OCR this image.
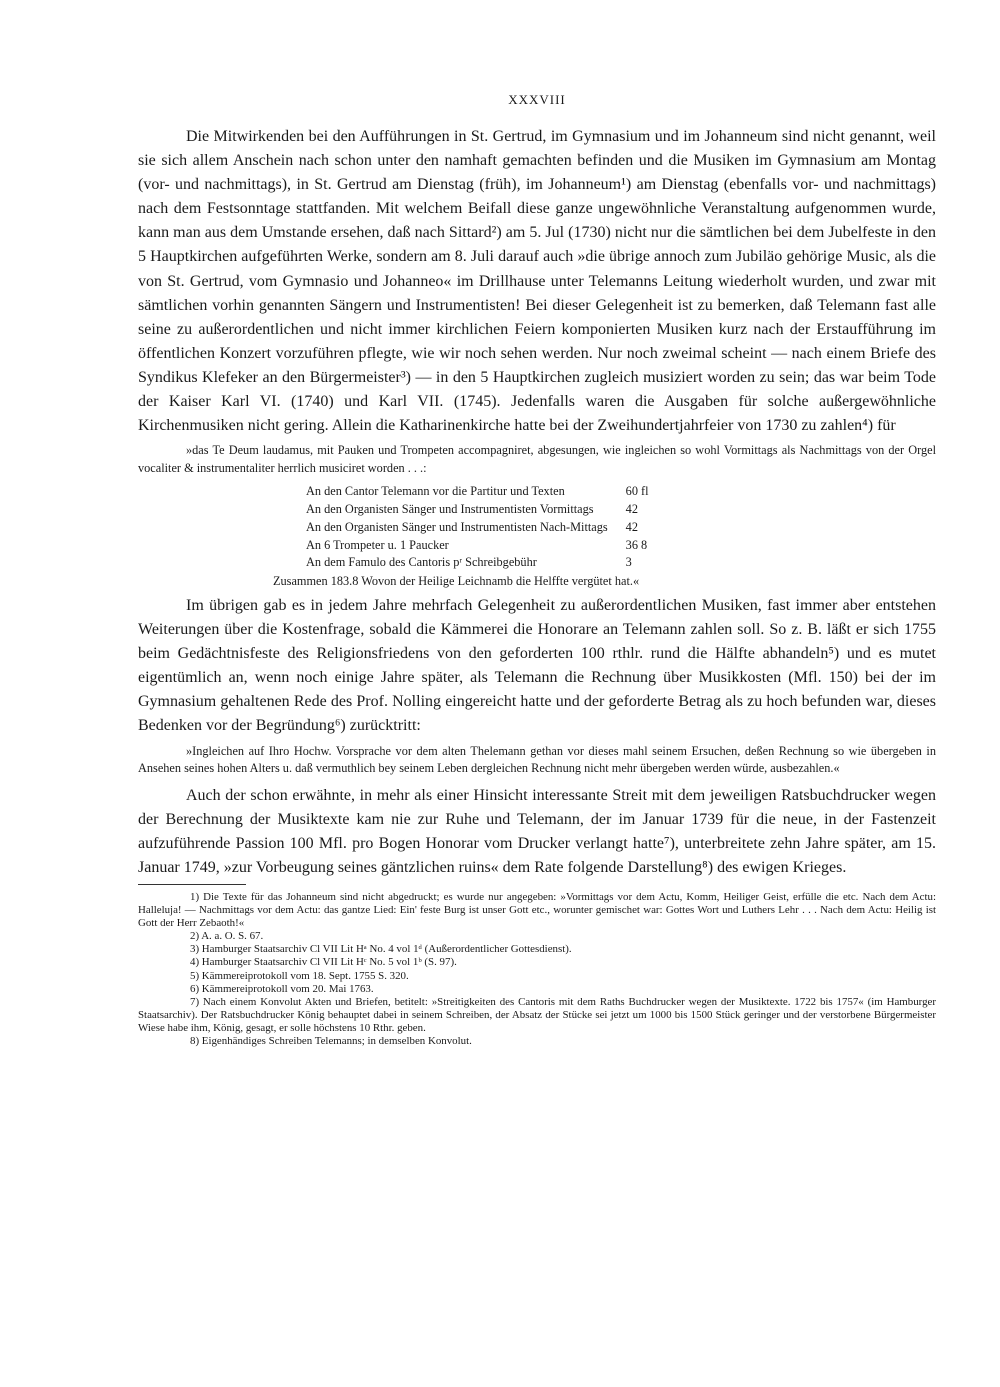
XXXVIII

Die Mitwirkenden bei den Aufführungen in St. Gertrud, im Gymnasium und im Johanneum sind nicht genannt, weil sie sich allem Anschein nach schon unter den namhaft gemachten befinden und die Musiken im Gymnasium am Montag (vor- und nachmittags), in St. Gertrud am Dienstag (früh), im Johanneum¹) am Dienstag (ebenfalls vor- und nachmittags) nach dem Festsonntage stattfanden. Mit welchem Beifall diese ganze ungewöhnliche Veranstaltung aufgenommen wurde, kann man aus dem Umstande ersehen, daß nach Sittard²) am 5. Jul (1730) nicht nur die sämtlichen bei dem Jubelfeste in den 5 Hauptkirchen aufgeführten Werke, sondern am 8. Juli darauf auch »die übrige annoch zum Jubiläo gehörige Music, als die von St. Gertrud, vom Gymnasio und Johanneo« im Drillhause unter Telemanns Leitung wiederholt wurden, und zwar mit sämtlichen vorhin genannten Sängern und Instrumentisten! Bei dieser Gelegenheit ist zu bemerken, daß Telemann fast alle seine zu außerordentlichen und nicht immer kirchlichen Feiern komponierten Musiken kurz nach der Erstaufführung im öffentlichen Konzert vorzuführen pflegte, wie wir noch sehen werden. Nur noch zweimal scheint — nach einem Briefe des Syndikus Klefeker an den Bürgermeister³) — in den 5 Hauptkirchen zugleich musiziert worden zu sein; das war beim Tode der Kaiser Karl VI. (1740) und Karl VII. (1745). Jedenfalls waren die Ausgaben für solche außergewöhnliche Kirchenmusiken nicht gering. Allein die Katharinenkirche hatte bei der Zweihundertjahrfeier von 1730 zu zahlen⁴) für

»das Te Deum laudamus, mit Pauken und Trompeten accompagniret, abgesungen, wie ingleichen so wohl Vormittags als Nachmittags von der Orgel vocaliter & instrumentaliter herrlich musiciret worden . . .:

An den Cantor Telemann vor die Partitur und Texten	60 fl
An den Organisten Sänger und Instrumentisten Vormittags	42
An den Organisten Sänger und Instrumentisten Nach-Mittags	42
An 6 Trompeter u. 1 Paucker	36 8
An dem Famulo des Cantoris pʳ Schreibgebühr	3
Zusammen 183.8 Wovon der Heilige Leichnamb die Helffte vergütet hat.«

Im übrigen gab es in jedem Jahre mehrfach Gelegenheit zu außerordentlichen Musiken, fast immer aber entstehen Weiterungen über die Kostenfrage, sobald die Kämmerei die Honorare an Telemann zahlen soll. So z. B. läßt er sich 1755 beim Gedächtnisfeste des Religionsfriedens von den geforderten 100 rthlr. rund die Hälfte abhandeln⁵) und es mutet eigentümlich an, wenn noch einige Jahre später, als Telemann die Rechnung über Musikkosten (Mfl. 150) bei der im Gymnasium gehaltenen Rede des Prof. Nolling eingereicht hatte und der geforderte Betrag als zu hoch befunden war, dieses Bedenken vor der Begründung⁶) zurücktritt:

»Ingleichen auf Ihro Hochw. Vorsprache vor dem alten Thelemann gethan vor dieses mahl seinem Ersuchen, deßen Rechnung so wie übergeben in Ansehen seines hohen Alters u. daß vermuthlich bey seinem Leben dergleichen Rechnung nicht mehr übergeben werden würde, ausbezahlen.«

Auch der schon erwähnte, in mehr als einer Hinsicht interessante Streit mit dem jeweiligen Ratsbuchdrucker wegen der Berechnung der Musiktexte kam nie zur Ruhe und Telemann, der im Januar 1739 für die neue, in der Fastenzeit aufzuführende Passion 100 Mfl. pro Bogen Honorar vom Drucker verlangt hatte⁷), unterbreitete zehn Jahre später, am 15. Januar 1749, »zur Vorbeugung seines gäntzlichen ruins« dem Rate folgende Darstellung⁸) des ewigen Krieges.

1) Die Texte für das Johanneum sind nicht abgedruckt; es wurde nur angegeben: »Vormittags vor dem Actu, Komm, Heiliger Geist, erfülle die etc. Nach dem Actu: Halleluja! — Nachmittags vor dem Actu: das gantze Lied: Ein' feste Burg ist unser Gott etc., worunter gemischet war: Gottes Wort und Luthers Lehr . . . Nach dem Actu: Heilig ist Gott der Herr Zebaoth!«

2) A. a. O. S. 67.

3) Hamburger Staatsarchiv Cl VII Lit Hᵃ No. 4 vol 1ᵈ (Außerordentlicher Gottesdienst).

4) Hamburger Staatsarchiv Cl VII Lit Hᶜ No. 5 vol 1ᵇ (S. 97).

5) Kämmereiprotokoll vom 18. Sept. 1755 S. 320.

6) Kämmereiprotokoll vom 20. Mai 1763.

7) Nach einem Konvolut Akten und Briefen, betitelt: »Streitigkeiten des Cantoris mit dem Raths Buchdrucker wegen der Musiktexte. 1722 bis 1757« (im Hamburger Staatsarchiv). Der Ratsbuchdrucker König behauptet dabei in seinem Schreiben, der Absatz der Stücke sei jetzt um 1000 bis 1500 Stück geringer und der verstorbene Bürgermeister Wiese habe ihm, König, gesagt, er solle höchstens 10 Rthr. geben.

8) Eigenhändiges Schreiben Telemanns; in demselben Konvolut.
